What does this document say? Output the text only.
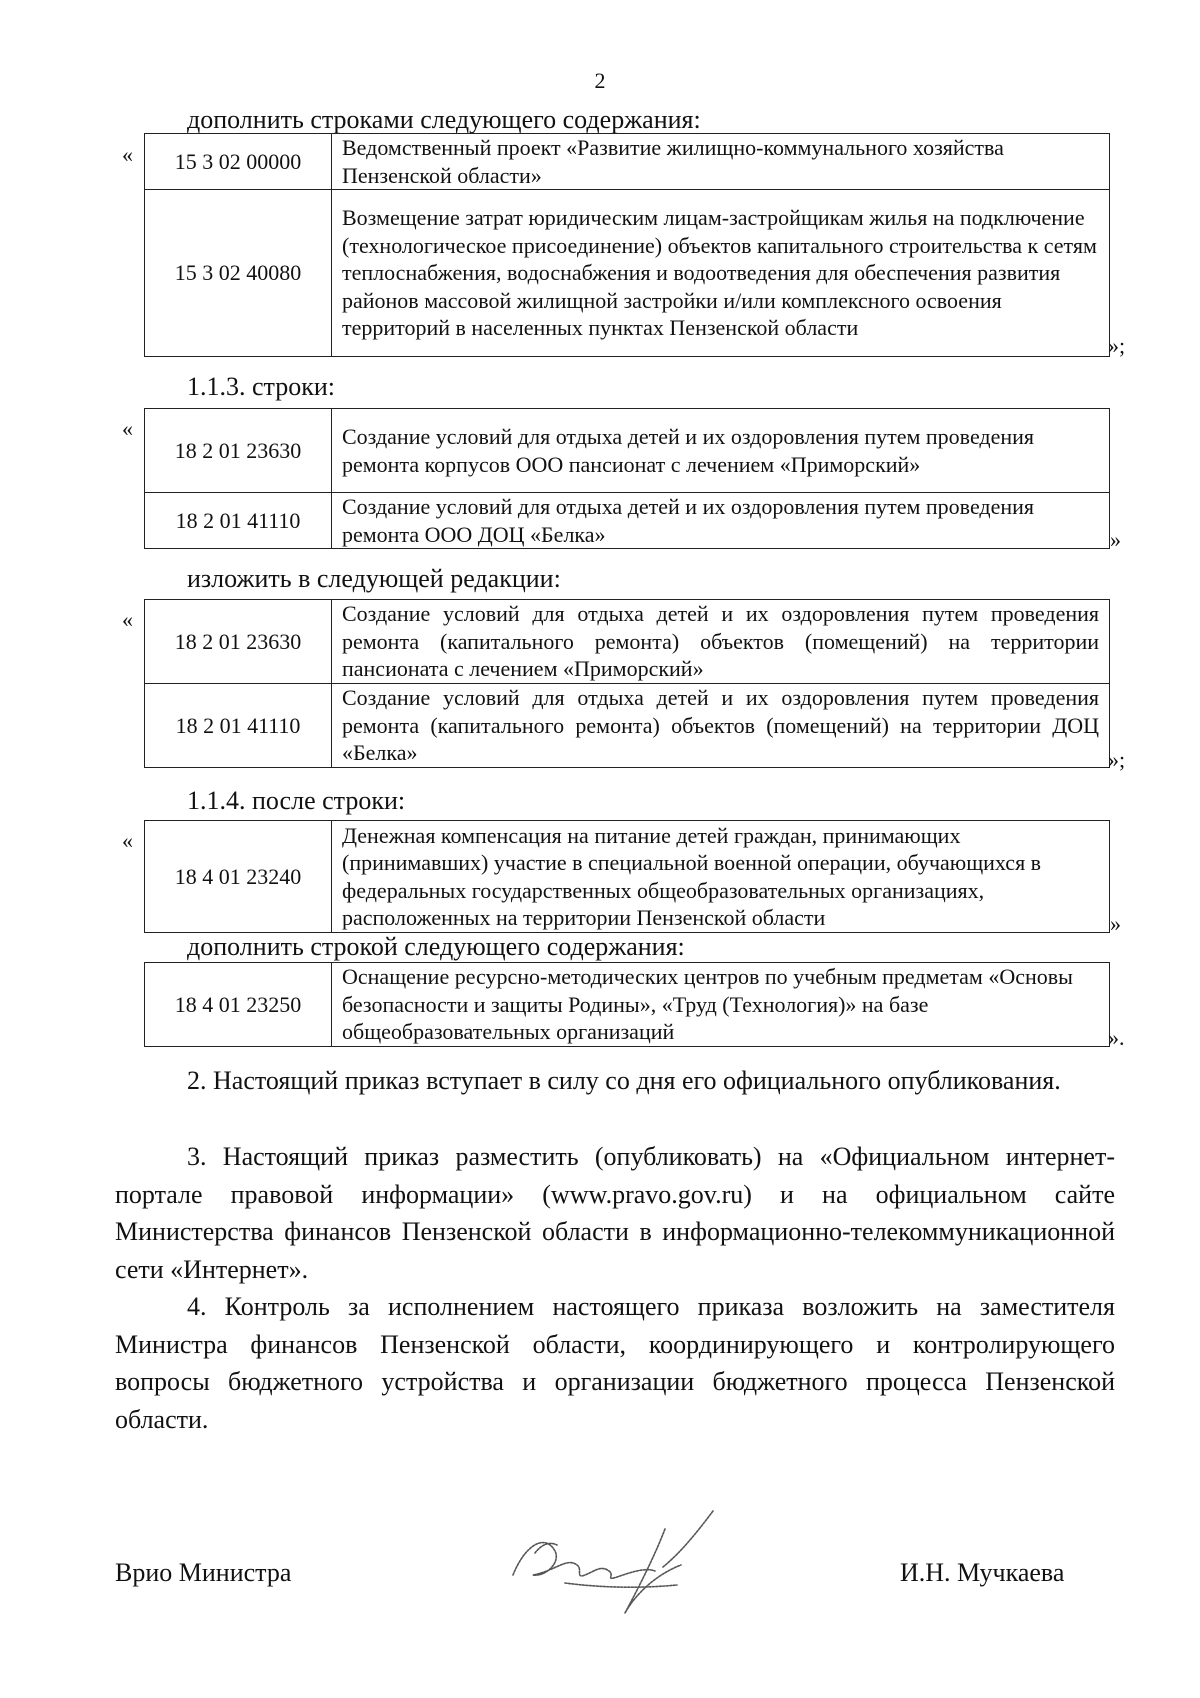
2
дополнить строками следующего содержания:
« 15 3 02 00000	Ведомственный проект «Развитие жилищно-коммунального хозяйства Пензенской области»
15 3 02 40080	Возмещение затрат юридическим лицам-застройщикам жилья на подключение (технологическое присоединение) объектов капитального строительства к сетям теплоснабжения, водоснабжения и водоотведения для обеспечения развития районов массовой жилищной застройки и/или комплексного освоения территорий в населенных пунктах Пензенской области
»;
1.1.3. строки:
«
18 2 01 23630	Создание условий для отдыха детей и их оздоровления путем проведения ремонта корпусов ООО пансионат с лечением «Приморский»
18 2 01 41110	Создание условий для отдыха детей и их оздоровления путем проведения ремонта ООО ДОЦ «Белка»	»
изложить в следующей редакции:
«
18 2 01 23630	Создание условий для отдыха детей и их оздоровления путем проведения ремонта (капитального ремонта) объектов (помещений) на территории пансионата с лечением «Приморский»
18 2 01 41110	Создание условий для отдыха детей и их оздоровления путем проведения ремонта (капитального ремонта) объектов (помещений) на территории ДОЦ «Белка»	»;
1.1.4. после строки:
«
18 4 01 23240	Денежная компенсация на питание детей граждан, принимающих (принимавших) участие в специальной военной операции, обучающихся в федеральных государственных общеобразовательных организациях, расположенных на территории Пензенской области	»
дополнить строкой следующего содержания:
18 4 01 23250	Оснащение ресурсно-методических центров по учебным предметам «Основы безопасности и защиты Родины», «Труд (Технология)» на базе общеобразовательных организаций	».

2. Настоящий приказ вступает в силу со дня его официального опубликования.

3. Настоящий приказ разместить (опубликовать) на «Официальном интернет-портале правовой информации» (www.pravo.gov.ru) и на официальном сайте Министерства финансов Пензенской области в информационно-телекоммуникационной сети «Интернет».

4. Контроль за исполнением настоящего приказа возложить на заместителя Министра финансов Пензенской области, координирующего и контролирующего вопросы бюджетного устройства и организации бюджетного процесса Пензенской области.

Врио Министра	И.Н. Мучкаева
